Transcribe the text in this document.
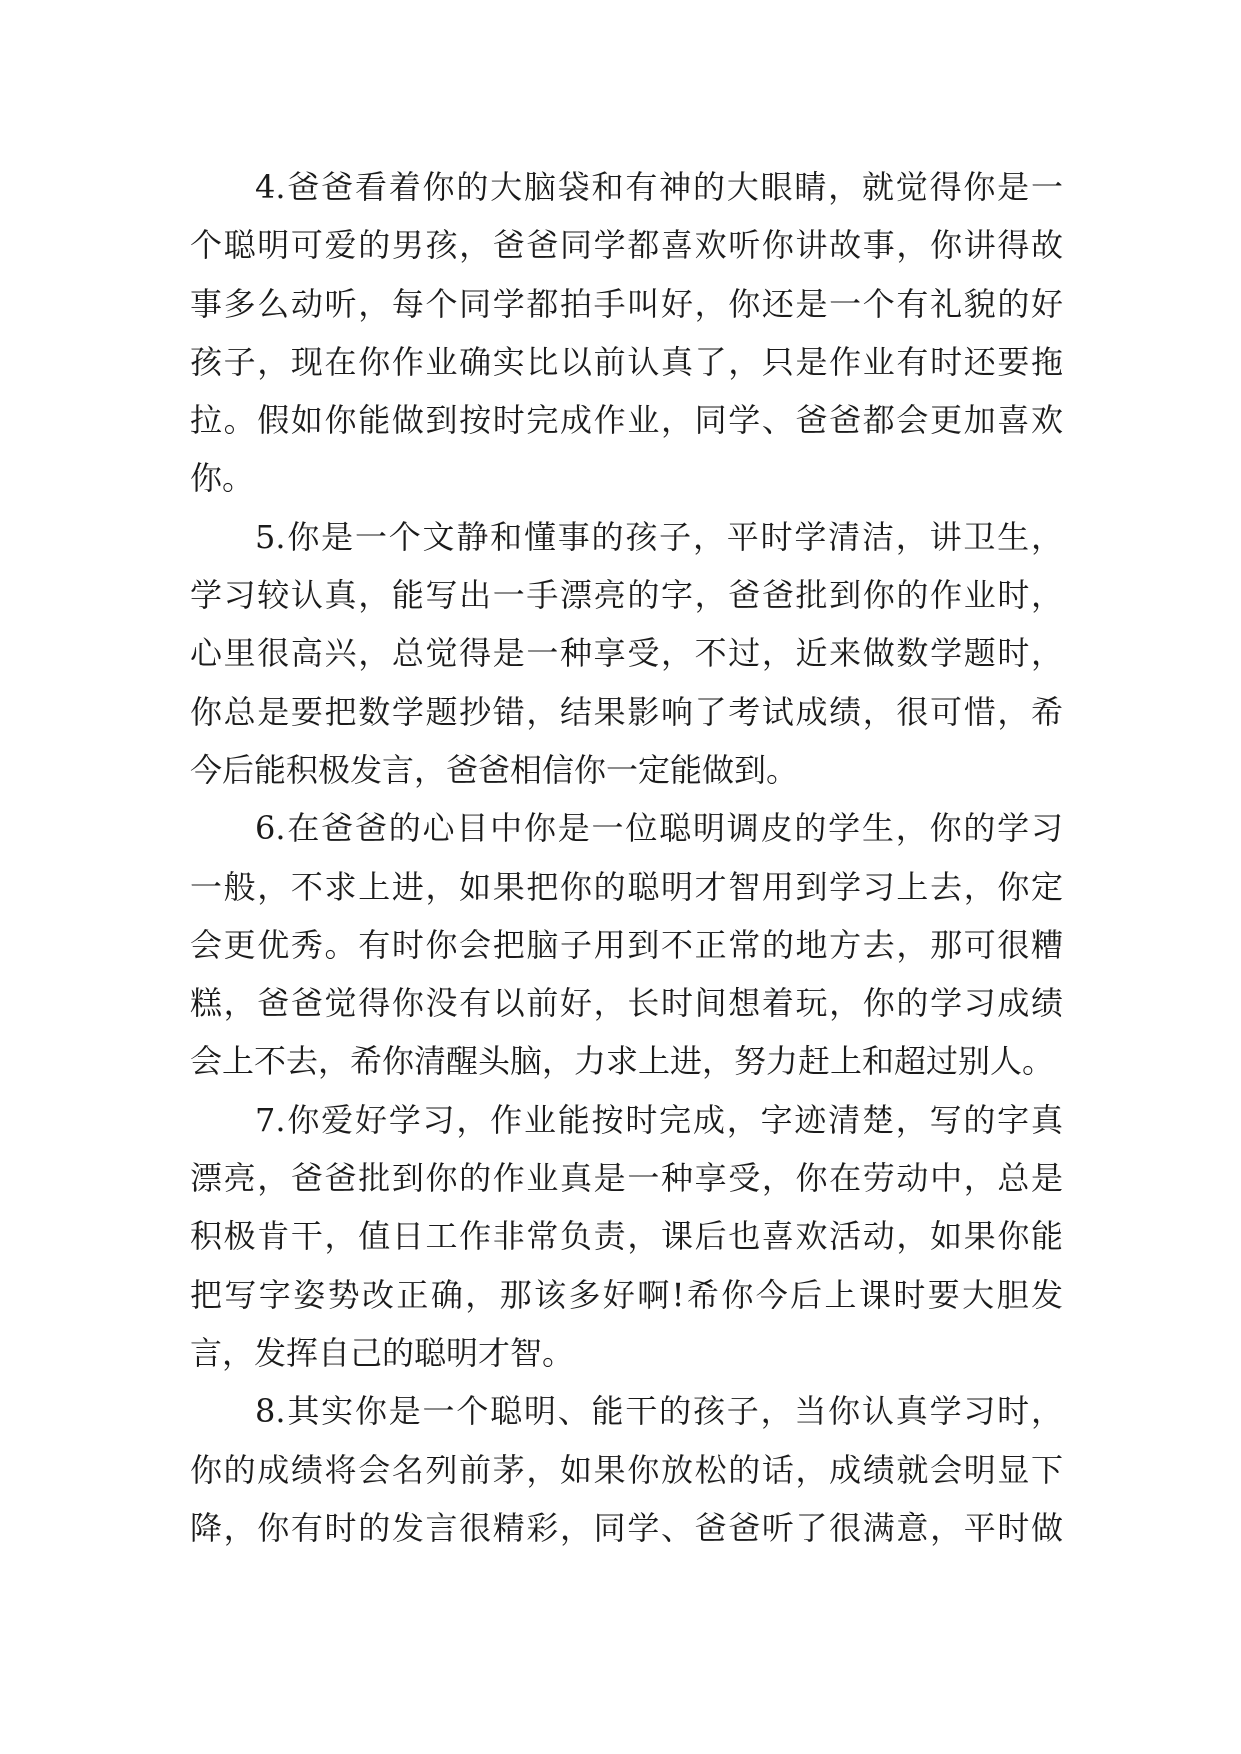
4.爸爸看着你的大脑袋和有神的大眼睛，就觉得你是一
个聪明可爱的男孩，爸爸同学都喜欢听你讲故事，你讲得故
事多么动听，每个同学都拍手叫好，你还是一个有礼貌的好
孩子，现在你作业确实比以前认真了，只是作业有时还要拖
拉。假如你能做到按时完成作业，同学、爸爸都会更加喜欢
你。
5.你是一个文静和懂事的孩子，平时学清洁，讲卫生，
学习较认真，能写出一手漂亮的字，爸爸批到你的作业时，
心里很高兴，总觉得是一种享受，不过，近来做数学题时，
你总是要把数学题抄错，结果影响了考试成绩，很可惜，希
今后能积极发言，爸爸相信你一定能做到。
6.在爸爸的心目中你是一位聪明调皮的学生，你的学习
一般，不求上进，如果把你的聪明才智用到学习上去，你定
会更优秀。有时你会把脑子用到不正常的地方去，那可很糟
糕，爸爸觉得你没有以前好，长时间想着玩，你的学习成绩
会上不去，希你清醒头脑，力求上进，努力赶上和超过别人。
7.你爱好学习，作业能按时完成，字迹清楚，写的字真
漂亮，爸爸批到你的作业真是一种享受，你在劳动中，总是
积极肯干，值日工作非常负责，课后也喜欢活动，如果你能
把写字姿势改正确，那该多好啊!希你今后上课时要大胆发
言，发挥自己的聪明才智。
8.其实你是一个聪明、能干的孩子，当你认真学习时，
你的成绩将会名列前茅，如果你放松的话，成绩就会明显下
降，你有时的发言很精彩，同学、爸爸听了很满意，平时做
